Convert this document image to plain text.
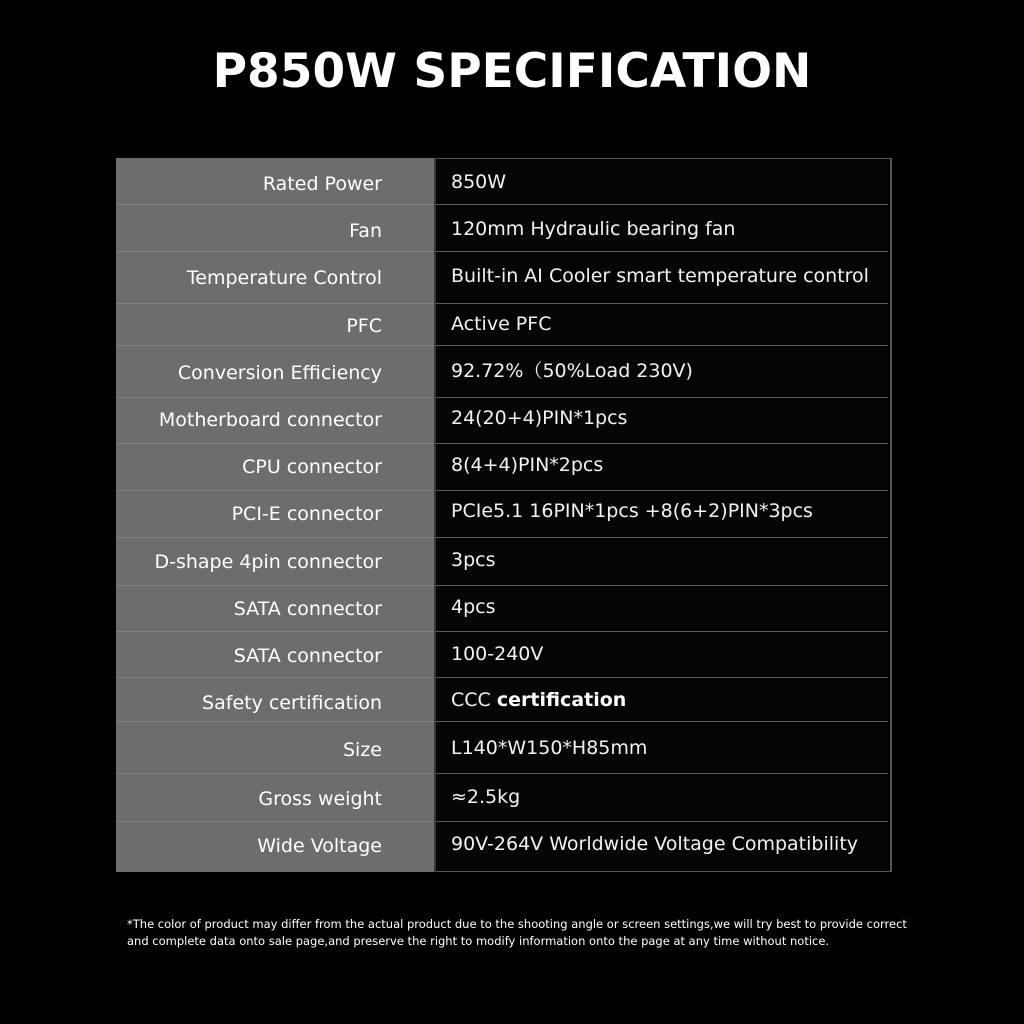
P850W SPECIFICATION
Rated Power	850W
Fan	120mm Hydraulic bearing fan
Temperature Control	Built-in AI Cooler smart temperature control
PFC	Active PFC
Conversion Efficiency	92.72%（50%Load 230V)
Motherboard connector	24(20+4)PIN*1pcs
CPU connector	8(4+4)PIN*2pcs
PCI-E connector	PCIe5.1 16PIN*1pcs +8(6+2)PIN*3pcs
D-shape 4pin connector	3pcs
SATA connector	4pcs
SATA connector	100-240V
Safety certification	CCC certification
Size	L140*W150*H85mm
Gross weight	≈2.5kg
Wide Voltage	90V-264V Worldwide Voltage Compatibility
*The color of product may differ from the actual product due to the shooting angle or screen settings,we will try best to provide correct and complete data onto sale page,and preserve the right to modify information onto the page at any time without notice.
